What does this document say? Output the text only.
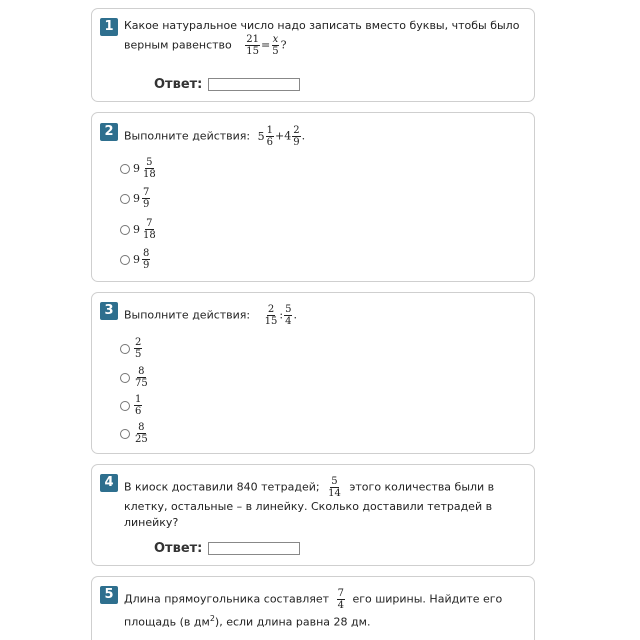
1 Какое натуральное число надо записать вместо буквы, чтобы было верным равенство $\frac{21}{15} = \frac{x}{5}$ ?
Ответ:
2 Выполните действия: $5 \frac{1}{6} +4 \frac{2}{9}$ .
$9 \frac{5}{18}$
$9 \frac{7}{9}$
$9 \frac{7}{18}$
$9 \frac{8}{9}$
3 Выполните действия: $\frac{2}{15}$ : $\frac{5}{4}$ .
$\frac{2}{5}$
$\frac{8}{75}$
$\frac{1}{6}$
$\frac{8}{25}$
4 В киоск доставили 840 тетрадей; $\frac{5}{14}$ этого количества были в клетку, остальные – в линейку. Сколько доставили тетрадей в линейку?
Ответ:
5 Длина прямоугольника составляет $\frac{7}{4}$ его ширины. Найдите его
площадь (в $дм^2$), если длина равна 28 дм.
